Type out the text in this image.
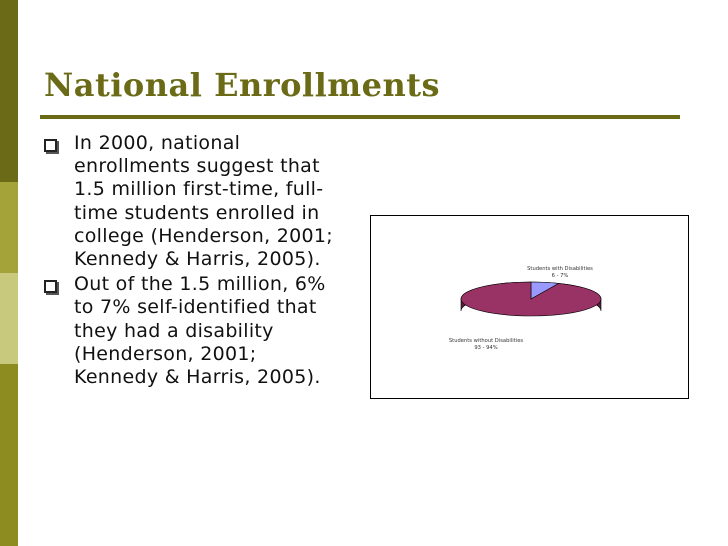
National Enrollments
In 2000, national
enrollments suggest that
1.5 million first-time, full-
time students enrolled in
college (Henderson, 2001;
Kennedy & Harris, 2005).
Out of the 1.5 million, 6%
to 7% self-identified that
they had a disability
(Henderson, 2001;
Kennedy & Harris, 2005).
Students with Disabilities
6 - 7%
Students without Disabilities
93 - 94%
